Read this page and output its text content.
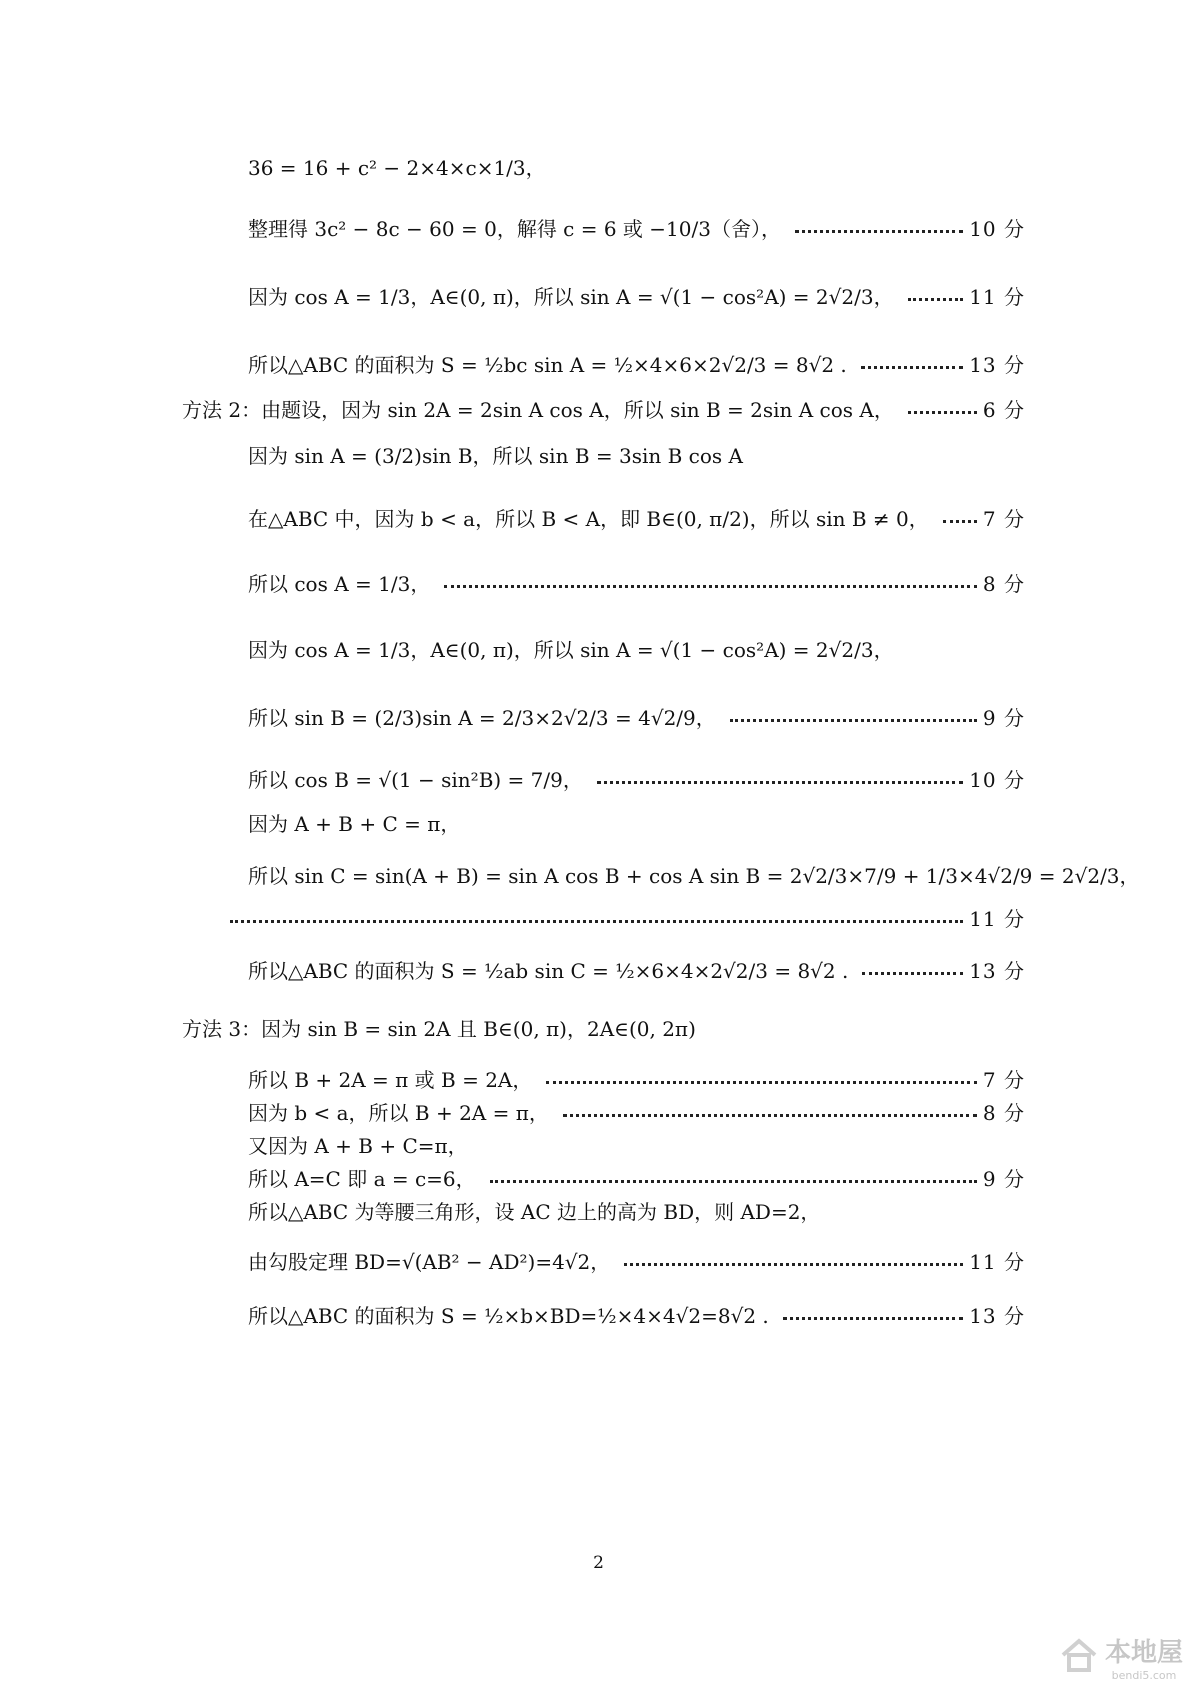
36 = 16 + c² − 2×4×c×1/3，
整理得 3c² − 8c − 60 = 0，解得 c = 6 或 −10/3（舍），	10 分
因为 cos A = 1/3，A∈(0, π)，所以 sin A = √(1 − cos²A) = 2√2/3，	11 分
所以△ABC 的面积为 S = ½bc sin A = ½×4×6×2√2/3 = 8√2 .	13 分
方法 2：由题设，因为 sin 2A = 2sin A cos A，所以 sin B = 2sin A cos A，	6 分
因为 sin A = (3/2)sin B，所以 sin B = 3sin B cos A
在△ABC 中，因为 b < a，所以 B < A，即 B∈(0, π/2)，所以 sin B ≠ 0，	7 分
所以 cos A = 1/3，	8 分
因为 cos A = 1/3，A∈(0, π)，所以 sin A = √(1 − cos²A) = 2√2/3，
所以 sin B = (2/3)sin A = 2/3×2√2/3 = 4√2/9，	9 分
所以 cos B = √(1 − sin²B) = 7/9，	10 分
因为 A + B + C = π，
所以 sin C = sin(A + B) = sin A cos B + cos A sin B = 2√2/3×7/9 + 1/3×4√2/9 = 2√2/3，
11 分
所以△ABC 的面积为 S = ½ab sin C = ½×6×4×2√2/3 = 8√2 .	13 分
方法 3：因为 sin B = sin 2A 且 B∈(0, π)，2A∈(0, 2π)
所以 B + 2A = π 或 B = 2A，	7 分
因为 b < a，所以 B + 2A = π，	8 分
又因为 A + B + C=π，
所以 A=C 即 a = c=6，	9 分
所以△ABC 为等腰三角形，设 AC 边上的高为 BD，则 AD=2，
由勾股定理 BD=√(AB² − AD²)=4√2，	11 分
所以△ABC 的面积为 S = ½×b×BD=½×4×4√2=8√2 .	13 分
2
本地屋
bendi5.com
